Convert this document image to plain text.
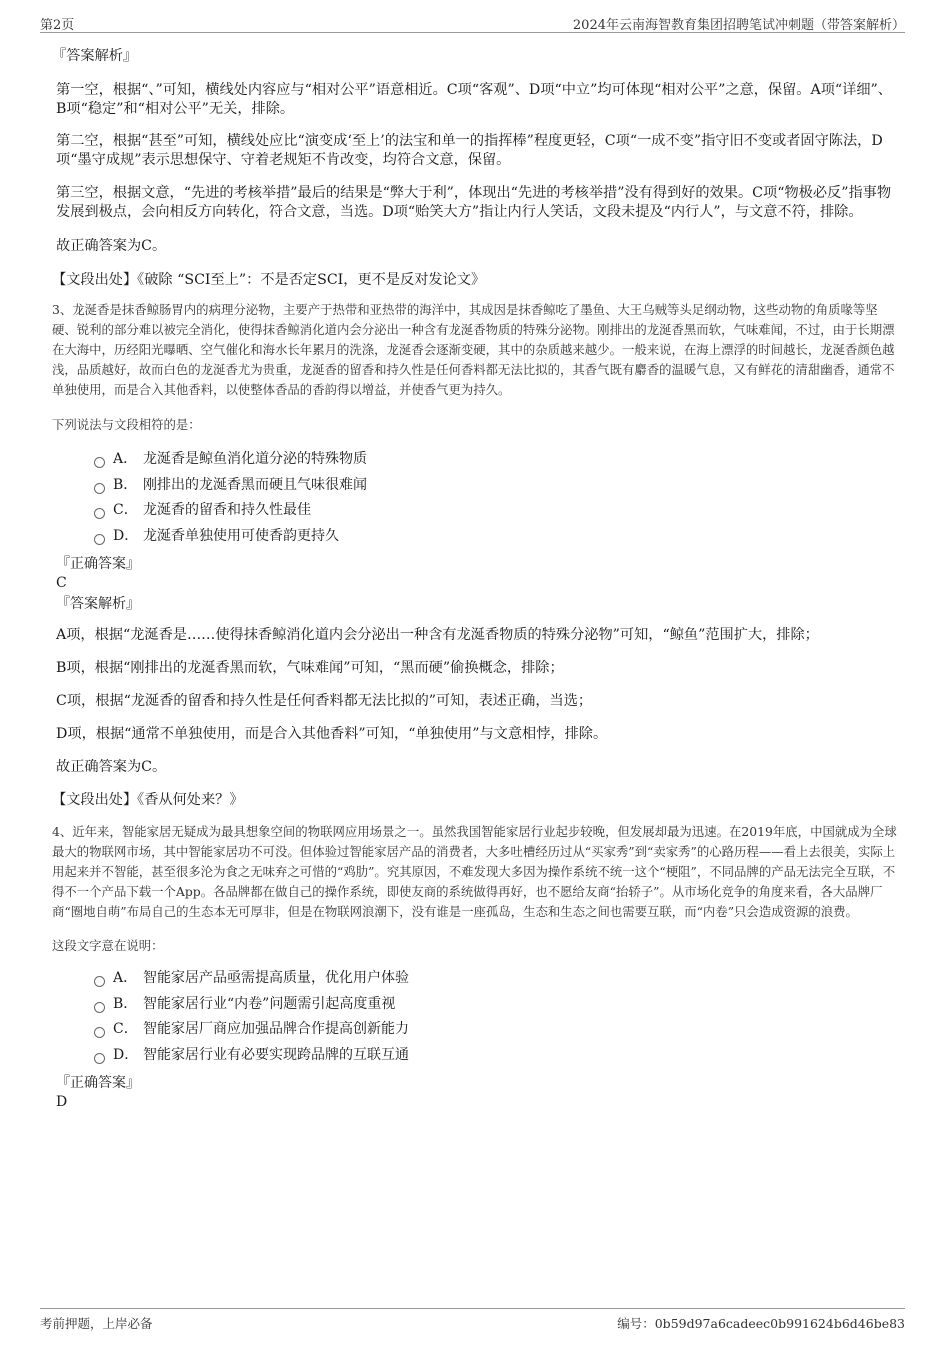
第2页	2024年云南海智教育集团招聘笔试冲刺题（带答案解析）

『答案解析』

第一空，根据“、”可知，横线处内容应与“相对公平”语意相近。C项“客观”、D项“中立”均可体现“相对公平”之意，保留。A项“详细”、B项“稳定”和“相对公平”无关，排除。

第二空，根据“甚至”可知，横线处应比“演变成‘至上’的法宝和单一的指挥棒”程度更轻，C项“一成不变”指守旧不变或者固守陈法，D项“墨守成规”表示思想保守、守着老规矩不肯改变，均符合文意，保留。

第三空，根据文意，“先进的考核举措”最后的结果是“弊大于利”，体现出“先进的考核举措”没有得到好的效果。C项“物极必反”指事物发展到极点，会向相反方向转化，符合文意，当选。D项“贻笑大方”指让内行人笑话，文段未提及“内行人”，与文意不符，排除。

故正确答案为C。

【文段出处】《破除 “SCI至上”：不是否定SCI，更不是反对发论文》

3、龙涎香是抹香鲸肠胃内的病理分泌物，主要产于热带和亚热带的海洋中，其成因是抹香鲸吃了墨鱼、大王乌贼等头足纲动物，这些动物的角质喙等坚硬、锐利的部分难以被完全消化，使得抹香鲸消化道内会分泌出一种含有龙涎香物质的特殊分泌物。刚排出的龙涎香黑而软，气味难闻，不过，由于长期漂在大海中，历经阳光曝晒、空气催化和海水长年累月的洗涤，龙涎香会逐渐变硬，其中的杂质越来越少。一般来说，在海上漂浮的时间越长，龙涎香颜色越浅，品质越好，故而白色的龙涎香尤为贵重，龙涎香的留香和持久性是任何香料都无法比拟的，其香气既有麝香的温暖气息，又有鲜花的清甜幽香，通常不单独使用，而是合入其他香料，以使整体香品的香韵得以增益，并使香气更为持久。

下列说法与文段相符的是：

A． 龙涎香是鲸鱼消化道分泌的特殊物质
B． 刚排出的龙涎香黑而硬且气味很难闻
C． 龙涎香的留香和持久性最佳
D． 龙涎香单独使用可使香韵更持久

『正确答案』

C

『答案解析』

A项，根据“龙涎香是……使得抹香鲸消化道内会分泌出一种含有龙涎香物质的特殊分泌物”可知，“鲸鱼”范围扩大，排除；

B项，根据“刚排出的龙涎香黑而软，气味难闻”可知，“黑而硬”偷换概念，排除；

C项，根据“龙涎香的留香和持久性是任何香料都无法比拟的”可知，表述正确，当选；

D项，根据“通常不单独使用，而是合入其他香料”可知，“单独使用”与文意相悖，排除。

故正确答案为C。

【文段出处】《香从何处来？》

4、近年来，智能家居无疑成为最具想象空间的物联网应用场景之一。虽然我国智能家居行业起步较晚，但发展却最为迅速。在2019年底，中国就成为全球最大的物联网市场，其中智能家居功不可没。但体验过智能家居产品的消费者，大多吐槽经历过从“买家秀”到“卖家秀”的心路历程——看上去很美，实际上用起来并不智能，甚至很多沦为食之无味弃之可惜的“鸡肋”。究其原因，不难发现大多因为操作系统不统一这个“梗阻”，不同品牌的产品无法完全互联，不得不一个产品下载一个App。各品牌都在做自己的操作系统，即使友商的系统做得再好，也不愿给友商“抬轿子”。从市场化竞争的角度来看，各大品牌厂商“圈地自萌”布局自己的生态本无可厚非，但是在物联网浪潮下，没有谁是一座孤岛，生态和生态之间也需要互联，而“内卷”只会造成资源的浪费。

这段文字意在说明：

A． 智能家居产品亟需提高质量，优化用户体验
B． 智能家居行业“内卷”问题需引起高度重视
C． 智能家居厂商应加强品牌合作提高创新能力
D． 智能家居行业有必要实现跨品牌的互联互通

『正确答案』

D

考前押题，上岸必备	编号：0b59d97a6cadeec0b991624b6d46be83
